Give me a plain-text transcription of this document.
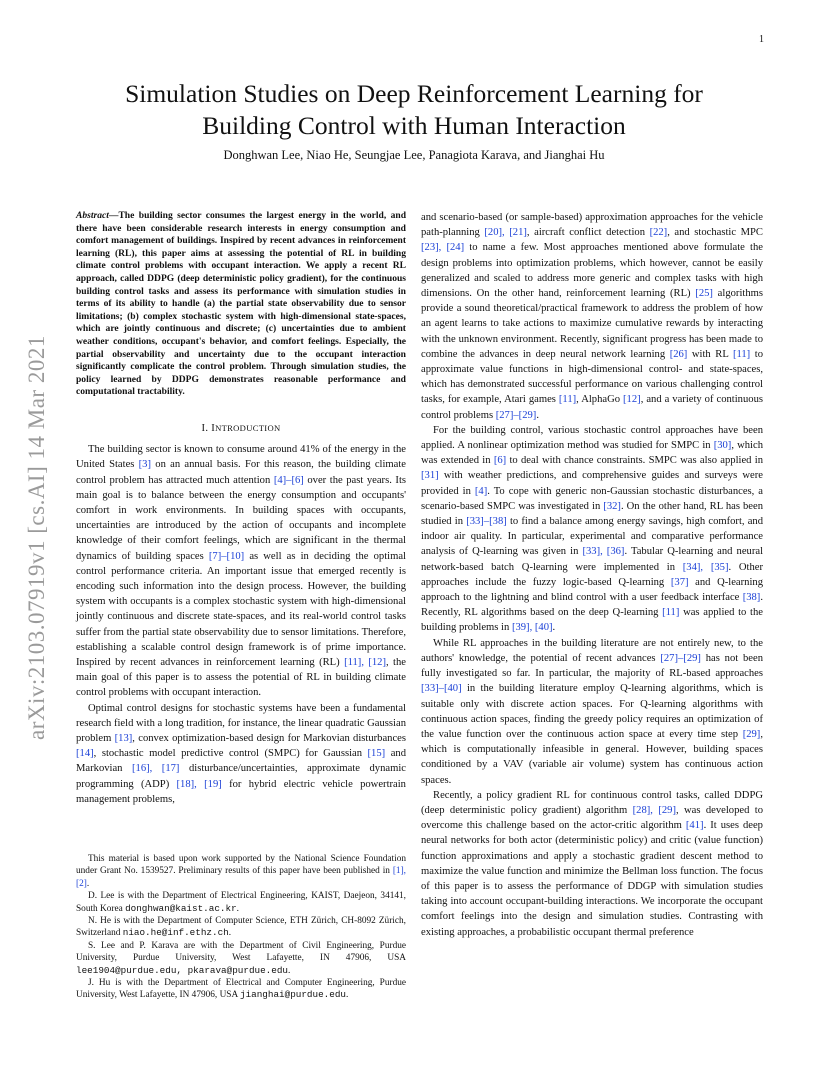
1
arXiv:2103.07919v1 [cs.AI] 14 Mar 2021
Simulation Studies on Deep Reinforcement Learning for
Building Control with Human Interaction
Donghwan Lee, Niao He, Seungjae Lee, Panagiota Karava, and Jianghai Hu

Abstract—The building sector consumes the largest energy in the world, and there have been considerable research interests in energy consumption and comfort management of buildings. Inspired by recent advances in reinforcement learning (RL), this paper aims at assessing the potential of RL in building climate control problems with occupant interaction. We apply a recent RL approach, called DDPG (deep deterministic policy gradient), for the continuous building control tasks and assess its performance with simulation studies in terms of its ability to handle (a) the partial state observability due to sensor limitations; (b) complex stochastic system with high-dimensional state-spaces, which are jointly continuous and discrete; (c) uncertainties due to ambient weather conditions, occupant's behavior, and comfort feelings. Especially, the partial observability and uncertainty due to the occupant interaction significantly complicate the control problem. Through simulation studies, the policy learned by DDPG demonstrates reasonable performance and computational tractability.

I. INTRODUCTION

The building sector is known to consume around 41% of the energy in the United States [3] on an annual basis. For this reason, the building climate control problem has attracted much attention [4]–[6] over the past years. Its main goal is to balance between the energy consumption and occupants' comfort in work environments. In building spaces with occupants, uncertainties are introduced by the action of occupants and incomplete knowledge of their comfort feelings, which are significant in the thermal dynamics of building spaces [7]–[10] as well as in deciding the optimal control performance criteria. An important issue that emerged recently is encoding such information into the design process. However, the building system with occupants is a complex stochastic system with high-dimensional jointly continuous and discrete state-spaces, and its real-world control tasks suffer from the partial state observability due to sensor limitations. Therefore, establishing a scalable control design framework is of prime importance. Inspired by recent advances in reinforcement learning (RL) [11], [12], the main goal of this paper is to assess the potential of RL in building climate control problems with occupant interaction.

Optimal control designs for stochastic systems have been a fundamental research field with a long tradition, for instance, the linear quadratic Gaussian problem [13], convex optimization-based design for Markovian disturbances [14], stochastic model predictive control (SMPC) for Gaussian [15] and Markovian [16], [17] disturbance/uncertainties, approximate dynamic programming (ADP) [18], [19] for hybrid electric vehicle powertrain management problems,

This material is based upon work supported by the National Science Foundation under Grant No. 1539527. Preliminary results of this paper have been published in [1], [2].

D. Lee is with the Department of Electrical Engineering, KAIST, Daejeon, 34141, South Korea donghwan@kaist.ac.kr.

N. He is with the Department of Computer Science, ETH Zürich, CH-8092 Zürich, Switzerland niao.he@inf.ethz.ch.

S. Lee and P. Karava are with the Department of Civil Engineering, Purdue University, Purdue University, West Lafayette, IN 47906, USA lee1904@purdue.edu, pkarava@purdue.edu.

J. Hu is with the Department of Electrical and Computer Engineering, Purdue University, West Lafayette, IN 47906, USA jianghai@purdue.edu.

and scenario-based (or sample-based) approximation approaches for the vehicle path-planning [20], [21], aircraft conflict detection [22], and stochastic MPC [23], [24] to name a few. Most approaches mentioned above formulate the design problems into optimization problems, which however, cannot be easily generalized and scaled to address more generic and complex tasks with high dimensions. On the other hand, reinforcement learning (RL) [25] algorithms provide a sound theoretical/practical framework to address the problem of how an agent learns to take actions to maximize cumulative rewards by interacting with the unknown environment. Recently, significant progress has been made to combine the advances in deep neural network learning [26] with RL [11] to approximate value functions in high-dimensional control- and state-spaces, which has demonstrated successful performance on various challenging control tasks, for example, Atari games [11], AlphaGo [12], and a variety of continuous control problems [27]–[29].

For the building control, various stochastic control approaches have been applied. A nonlinear optimization method was studied for SMPC in [30], which was extended in [6] to deal with chance constraints. SMPC was also applied in [31] with weather predictions, and comprehensive guides and surveys were provided in [4]. To cope with generic non-Gaussian stochastic disturbances, a scenario-based SMPC was investigated in [32]. On the other hand, RL has been studied in [33]–[38] to find a balance among energy savings, high comfort, and indoor air quality. In particular, experimental and comparative performance analysis of Q-learning was given in [33], [36]. Tabular Q-learning and neural network-based batch Q-learning were implemented in [34], [35]. Other approaches include the fuzzy logic-based Q-learning [37] and Q-learning approach to the lightning and blind control with a user feedback interface [38]. Recently, RL algorithms based on the deep Q-learning [11] was applied to the building problems in [39], [40].

While RL approaches in the building literature are not entirely new, to the authors' knowledge, the potential of recent advances [27]–[29] has not been fully investigated so far. In particular, the majority of RL-based approaches [33]–[40] in the building literature employ Q-learning algorithms, which is suitable only with discrete action spaces. For Q-learning algorithms with continuous action spaces, finding the greedy policy requires an optimization of the value function over the continuous action space at every time step [29], which is computationally infeasible in general. However, building spaces conditioned by a VAV (variable air volume) system has continuous action spaces.

Recently, a policy gradient RL for continuous control tasks, called DDPG (deep deterministic policy gradient) algorithm [28], [29], was developed to overcome this challenge based on the actor-critic algorithm [41]. It uses deep neural networks for both actor (deterministic policy) and critic (value function) function approximations and apply a stochastic gradient descent method to maximize the value function and minimize the Bellman loss function. The focus of this paper is to assess the performance of DDGP with simulation studies taking into account occupant-building interactions. We incorporate the occupant comfort feelings into the design and simulation studies. Contrasting with existing approaches, a probabilistic occupant thermal preference
